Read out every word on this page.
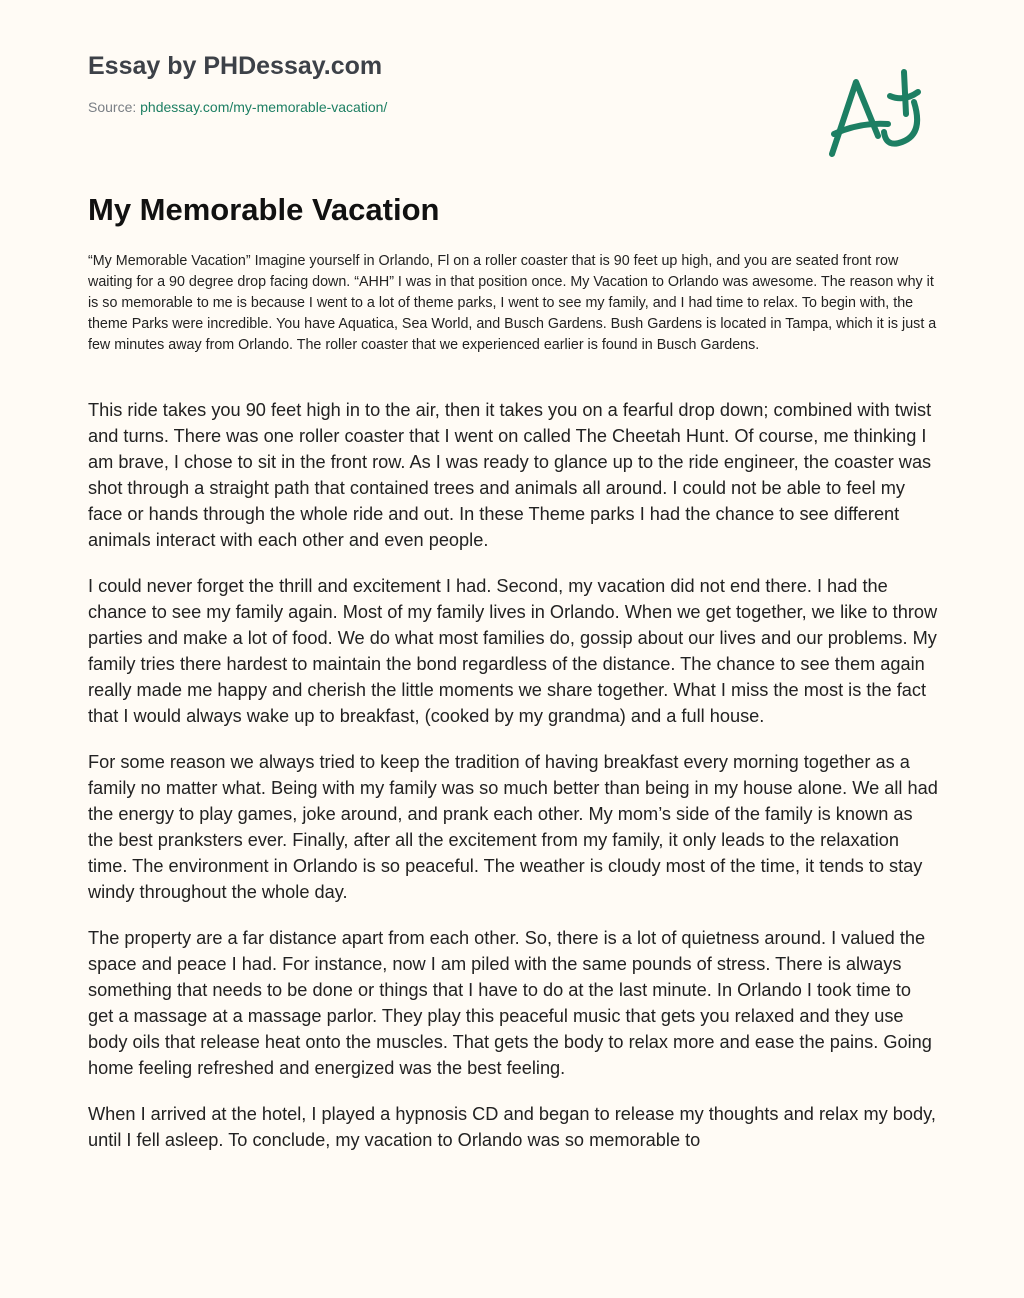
Essay by PHDessay.com
Source: phdessay.com/my-memorable-vacation/
My Memorable Vacation

“My Memorable Vacation” Imagine yourself in Orlando, Fl on a roller coaster that is 90 feet up high, and you are seated front row waiting for a 90 degree drop facing down. “AHH” I was in that position once. My Vacation to Orlando was awesome. The reason why it is so memorable to me is because I went to a lot of theme parks, I went to see my family, and I had time to relax. To begin with, the theme Parks were incredible. You have Aquatica, Sea World, and Busch Gardens. Bush Gardens is located in Tampa, which it is just a few minutes away from Orlando. The roller coaster that we experienced earlier is found in Busch Gardens.

This ride takes you 90 feet high in to the air, then it takes you on a fearful drop down; combined with twist and turns. There was one roller coaster that I went on called The Cheetah Hunt. Of course, me thinking I am brave, I chose to sit in the front row. As I was ready to glance up to the ride engineer, the coaster was shot through a straight path that contained trees and animals all around. I could not be able to feel my face or hands through the whole ride and out. In these Theme parks I had the chance to see different animals interact with each other and even people.

I could never forget the thrill and excitement I had. Second, my vacation did not end there. I had the chance to see my family again. Most of my family lives in Orlando. When we get together, we like to throw parties and make a lot of food. We do what most families do, gossip about our lives and our problems. My family tries there hardest to maintain the bond regardless of the distance. The chance to see them again really made me happy and cherish the little moments we share together. What I miss the most is the fact that I would always wake up to breakfast, (cooked by my grandma) and a full house.

For some reason we always tried to keep the tradition of having breakfast every morning together as a family no matter what. Being with my family was so much better than being in my house alone. We all had the energy to play games, joke around, and prank each other. My mom’s side of the family is known as the best pranksters ever. Finally, after all the excitement from my family, it only leads to the relaxation time. The environment in Orlando is so peaceful. The weather is cloudy most of the time, it tends to stay windy throughout the whole day.

The property are a far distance apart from each other. So, there is a lot of quietness around. I valued the space and peace I had. For instance, now I am piled with the same pounds of stress. There is always something that needs to be done or things that I have to do at the last minute. In Orlando I took time to get a massage at a massage parlor. They play this peaceful music that gets you relaxed and they use body oils that release heat onto the muscles. That gets the body to relax more and ease the pains. Going home feeling refreshed and energized was the best feeling.

When I arrived at the hotel, I played a hypnosis CD and began to release my thoughts and relax my body, until I fell asleep. To conclude, my vacation to Orlando was so memorable to
